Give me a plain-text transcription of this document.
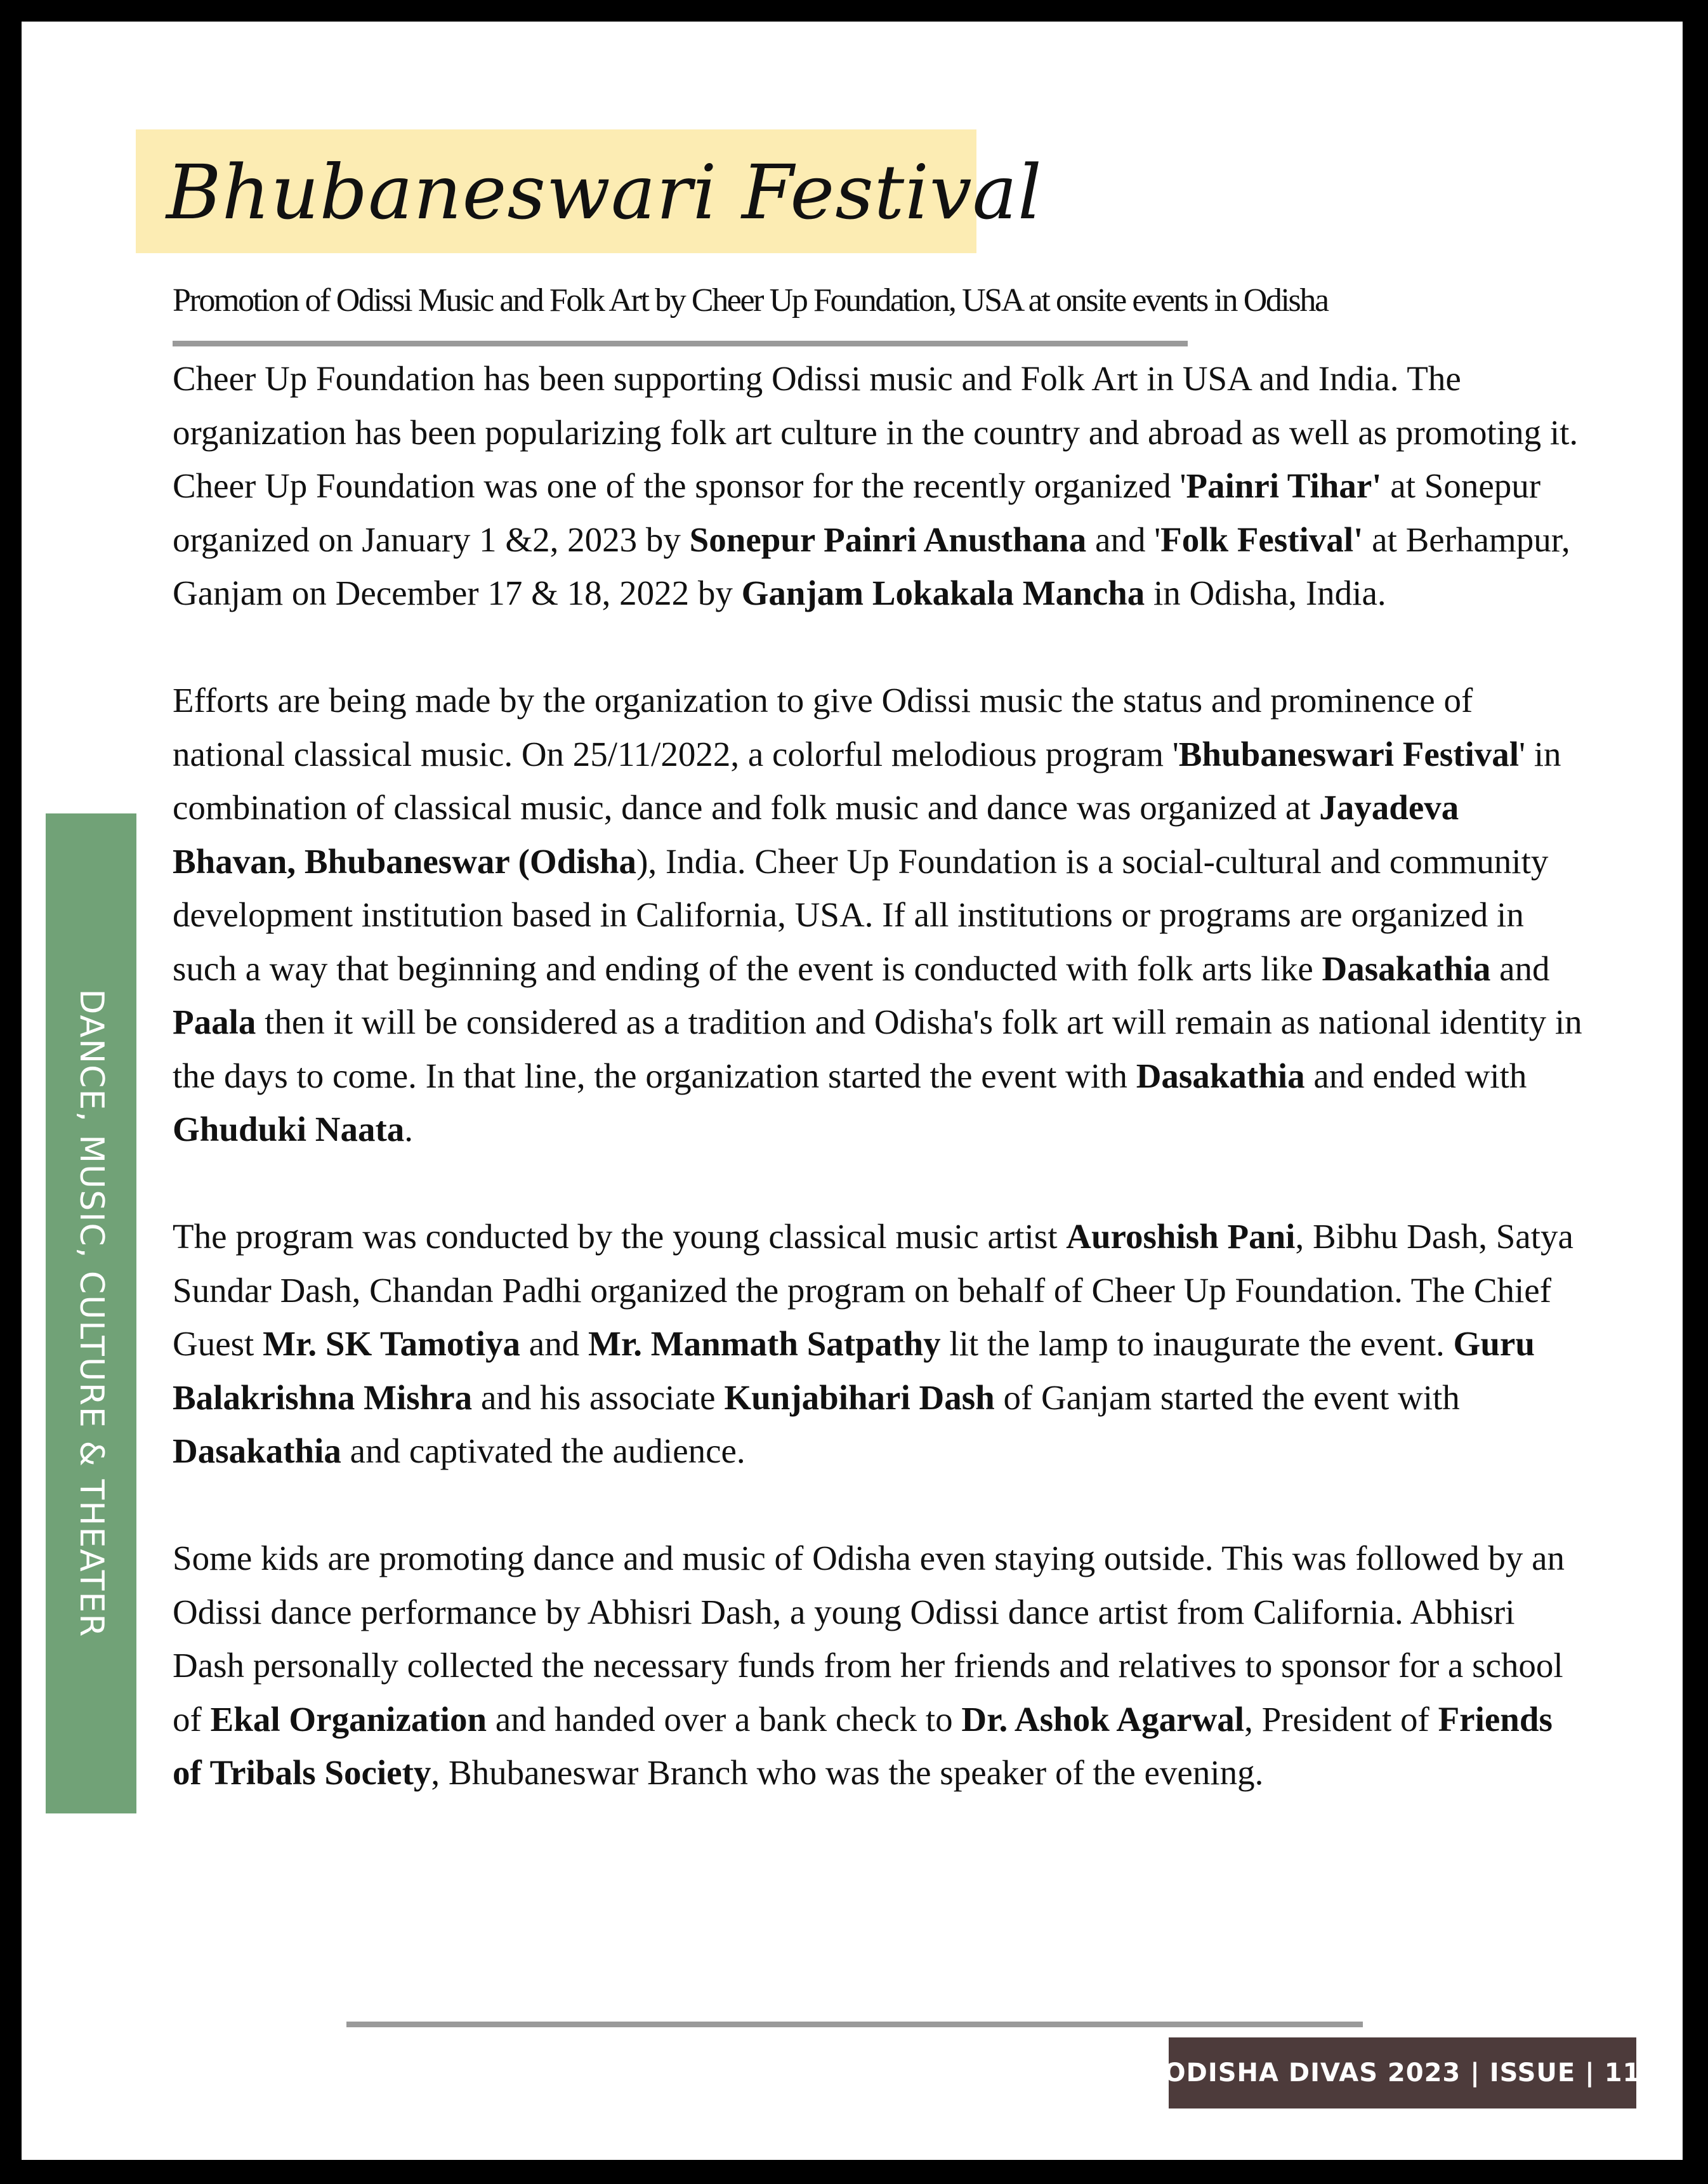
Bhubaneswari Festival
Promotion of Odissi Music and Folk Art by Cheer Up Foundation, USA at onsite events in Odisha

Cheer Up Foundation has been supporting Odissi music and Folk Art in USA and India. The organization has been popularizing folk art culture in the country and abroad as well as promoting it. Cheer Up Foundation was one of the sponsor for the recently organized 'Painri Tihar' at Sonepur organized on January 1 &2, 2023 by Sonepur Painri Anusthana and 'Folk Festival' at Berhampur, Ganjam on December 17 & 18, 2022 by Ganjam Lokakala Mancha in Odisha, India.

Efforts are being made by the organization to give Odissi music the status and prominence of national classical music. On 25/11/2022, a colorful melodious program 'Bhubaneswari Festival' in combination of classical music, dance and folk music and dance was organized at Jayadeva Bhavan, Bhubaneswar (Odisha), India. Cheer Up Foundation is a social-cultural and community development institution based in California, USA. If all institutions or programs are organized in such a way that beginning and ending of the event is conducted with folk arts like Dasakathia and Paala then it will be considered as a tradition and Odisha's folk art will remain as national identity in the days to come. In that line, the organization started the event with Dasakathia and ended with Ghuduki Naata.

The program was conducted by the young classical music artist Auroshish Pani, Bibhu Dash, Satya Sundar Dash, Chandan Padhi organized the program on behalf of Cheer Up Foundation. The Chief Guest Mr. SK Tamotiya and Mr. Manmath Satpathy lit the lamp to inaugurate the event. Guru Balakrishna Mishra and his associate Kunjabihari Dash of Ganjam started the event with Dasakathia and captivated the audience.

Some kids are promoting dance and music of Odisha even staying outside. This was followed by an Odissi dance performance by Abhisri Dash, a young Odissi dance artist from California. Abhisri Dash personally collected the necessary funds from her friends and relatives to sponsor for a school of Ekal Organization and handed over a bank check to Dr. Ashok Agarwal, President of Friends of Tribals Society, Bhubaneswar Branch who was the speaker of the evening.

DANCE, MUSIC, CULTURE & THEATER
ODISHA DIVAS 2023 | ISSUE | 11
